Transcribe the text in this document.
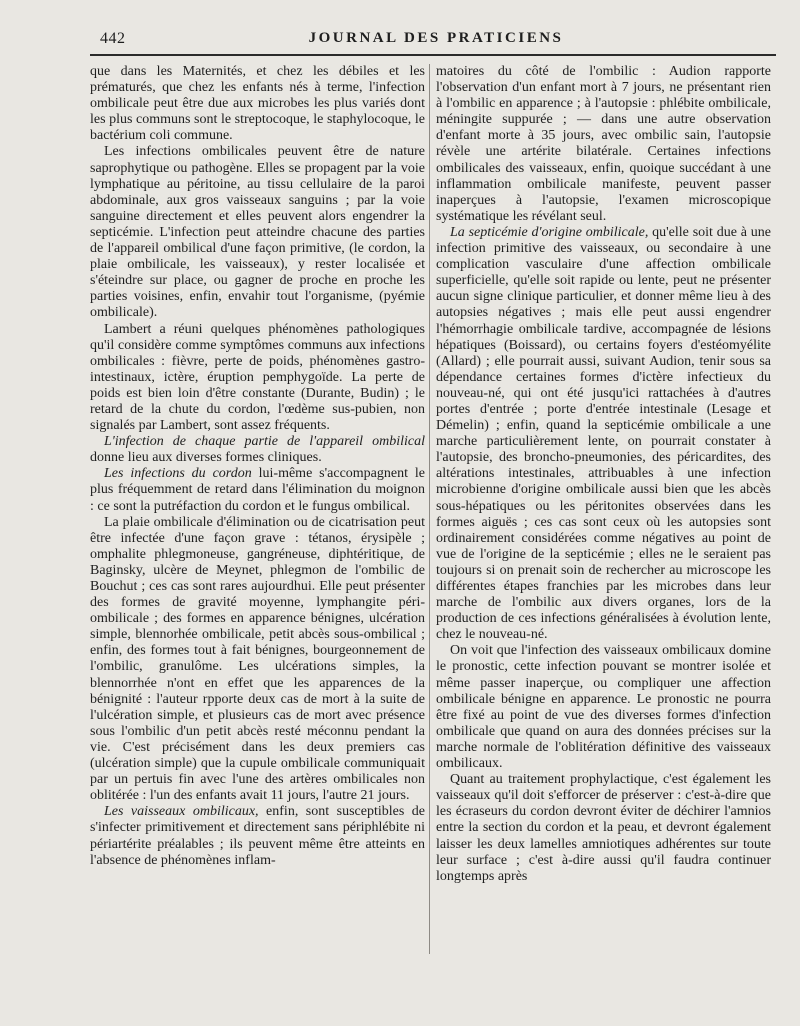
442	JOURNAL DES PRATICIENS

que dans les Maternités, et chez les débiles et les prématurés, que chez les enfants nés à terme, l'infection ombilicale peut être due aux microbes les plus variés dont les plus communs sont le streptocoque, le staphylocoque, le bactérium coli commune.

Les infections ombilicales peuvent être de nature saprophytique ou pathogène. Elles se propagent par la voie lymphatique au péritoine, au tissu cellulaire de la paroi abdominale, aux gros vaisseaux sanguins ; par la voie sanguine directement et elles peuvent alors engendrer la septicémie. L'infection peut atteindre chacune des parties de l'appareil ombilical d'une façon primitive, (le cordon, la plaie ombilicale, les vaisseaux), y rester localisée et s'éteindre sur place, ou gagner de proche en proche les parties voisines, enfin, envahir tout l'organisme, (pyémie ombilicale).

Lambert a réuni quelques phénomènes pathologiques qu'il considère comme symptômes communs aux infections ombilicales : fièvre, perte de poids, phénomènes gastro-intestinaux, ictère, éruption pemphygoïde. La perte de poids est bien loin d'être constante (Durante, Budin) ; le retard de la chute du cordon, l'œdème sus-pubien, non signalés par Lambert, sont assez fréquents.

L'infection de chaque partie de l'appareil ombilical donne lieu aux diverses formes cliniques.

Les infections du cordon lui-même s'accompagnent le plus fréquemment de retard dans l'élimination du moignon : ce sont la putréfaction du cordon et le fungus ombilical.

La plaie ombilicale d'élimination ou de cicatrisation peut être infectée d'une façon grave : tétanos, érysipèle ; omphalite phlegmoneuse, gangréneuse, diphtéritique, de Baginsky, ulcère de Meynet, phlegmon de l'ombilic de Bouchut ; ces cas sont rares aujourdhui. Elle peut présenter des formes de gravité moyenne, lymphangite péri-ombilicale ; des formes en apparence bénignes, ulcération simple, blennorhée ombilicale, petit abcès sous-ombilical ; enfin, des formes tout à fait bénignes, bourgeonnement de l'ombilic, granulôme. Les ulcérations simples, la blennorrhée n'ont en effet que les apparences de la bénignité : l'auteur rpporte deux cas de mort à la suite de l'ulcération simple, et plusieurs cas de mort avec présence sous l'ombilic d'un petit abcès resté méconnu pendant la vie. C'est précisément dans les deux premiers cas (ulcération simple) que la cupule ombilicale communiquait par un pertuis fin avec l'une des artères ombilicales non oblitérée : l'un des enfants avait 11 jours, l'autre 21 jours.

Les vaisseaux ombilicaux, enfin, sont susceptibles de s'infecter primitivement et directement sans périphlébite ni périartérite préalables ; ils peuvent même être atteints en l'absence de phénomènes inflam-

matoires du côté de l'ombilic : Audion rapporte l'observation d'un enfant mort à 7 jours, ne présentant rien à l'ombilic en apparence ; à l'autopsie : phlébite ombilicale, méningite suppurée ; — dans une autre observation d'enfant morte à 35 jours, avec ombilic sain, l'autopsie révèle une artérite bilatérale. Certaines infections ombilicales des vaisseaux, enfin, quoique succédant à une inflammation ombilicale manifeste, peuvent passer inaperçues à l'autopsie, l'examen microscopique systématique les révélant seul.

La septicémie d'origine ombilicale, qu'elle soit due à une infection primitive des vaisseaux, ou secondaire à une complication vasculaire d'une affection ombilicale superficielle, qu'elle soit rapide ou lente, peut ne présenter aucun signe clinique particulier, et donner même lieu à des autopsies négatives ; mais elle peut aussi engendrer l'hémorrhagie ombilicale tardive, accompagnée de lésions hépatiques (Boissard), ou certains foyers d'estéomyélite (Allard) ; elle pourrait aussi, suivant Audion, tenir sous sa dépendance certaines formes d'ictère infectieux du nouveau-né, qui ont été jusqu'ici rattachées à d'autres portes d'entrée ; porte d'entrée intestinale (Lesage et Démelin) ; enfin, quand la septicémie ombilicale a une marche particulièrement lente, on pourrait constater à l'autopsie, des broncho-pneumonies, des péricardites, des altérations intestinales, attribuables à une infection microbienne d'origine ombilicale aussi bien que les abcès sous-hépatiques ou les péritonites observées dans les formes aiguës ; ces cas sont ceux où les autopsies sont ordinairement considérées comme négatives au point de vue de l'origine de la septicémie ; elles ne le seraient pas toujours si on prenait soin de rechercher au microscope les différentes étapes franchies par les microbes dans leur marche de l'ombilic aux divers organes, lors de la production de ces infections généralisées à évolution lente, chez le nouveau-né.

On voit que l'infection des vaisseaux ombilicaux domine le pronostic, cette infection pouvant se montrer isolée et même passer inaperçue, ou compliquer une affection ombilicale bénigne en apparence. Le pronostic ne pourra être fixé au point de vue des diverses formes d'infection ombilicale que quand on aura des données précises sur la marche normale de l'oblitération définitive des vaisseaux ombilicaux.

Quant au traitement prophylactique, c'est également les vaisseaux qu'il doit s'efforcer de préserver : c'est-à-dire que les écraseurs du cordon devront éviter de déchirer l'amnios entre la section du cordon et la peau, et devront également laisser les deux lamelles amniotiques adhérentes sur toute leur surface ; c'est à-dire aussi qu'il faudra continuer longtemps après
